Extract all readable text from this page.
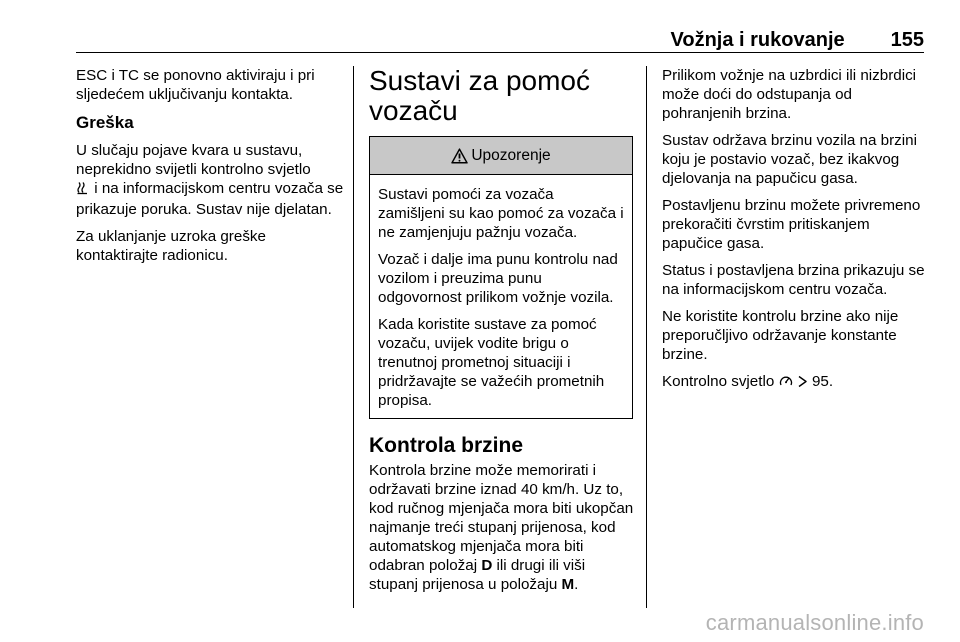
Vožnja i rukovanje 155

ESC i TC se ponovno aktiviraju i pri sljedećem uključivanju kontakta.

Greška

U slučaju pojave kvara u sustavu, neprekidno svijetli kontrolno svjetlo
i na informacijskom centru vozača se prikazuje poruka. Sustav nije djelatan.

Za uklanjanje uzroka greške kontaktirajte radionicu.

Sustavi za pomoć
vozaču
Upozorenje

Sustavi pomoći za vozača zamišljeni su kao pomoć za vozača i ne zamjenjuju pažnju vozača.

Vozač i dalje ima punu kontrolu nad vozilom i preuzima punu odgovornost prilikom vožnje vozila.

Kada koristite sustave za pomoć vozaču, uvijek vodite brigu o trenutnoj prometnoj situaciji i pridržavajte se važećih prometnih propisa.

Kontrola brzine

Kontrola brzine može memorirati i održavati brzine iznad 40 km/h. Uz to, kod ručnog mjenjača mora biti ukopčan najmanje treći stupanj prijenosa, kod automatskog mjenjača mora biti odabran položaj D ili drugi ili viši stupanj prijenosa u položaju M.

Prilikom vožnje na uzbrdici ili nizbrdici može doći do odstupanja od pohranjenih brzina.

Sustav održava brzinu vozila na brzini koju je postavio vozač, bez ikakvog djelovanja na papučicu gasa.

Postavljenu brzinu možete privremeno prekoračiti čvrstim pritiskanjem papučice gasa.

Status i postavljena brzina prikazuju se na informacijskom centru vozača.

Ne koristite kontrolu brzine ako nije preporučljivo održavanje konstante brzine.

Kontrolno svjetlo   95.

carmanualsonline.info
